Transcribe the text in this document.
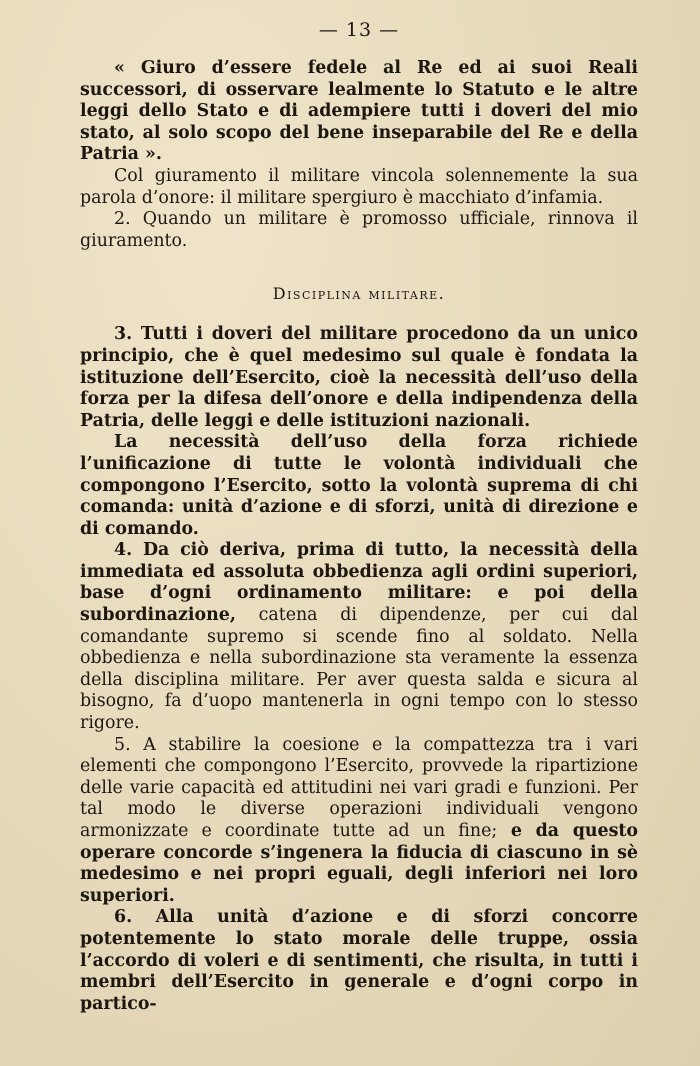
— 13 —

« Giuro d’essere fedele al Re ed ai suoi Reali successori, di osservare lealmente lo Statuto e le altre leggi dello Stato e di adempiere tutti i doveri del mio stato, al solo scopo del bene inseparabile del Re e della Patria ».

Col giuramento il militare vincola solennemente la sua parola d’onore: il militare spergiuro è macchiato d’infamia.

2. Quando un militare è promosso ufficiale, rinnova il giuramento.

Disciplina militare.

3. Tutti i doveri del militare procedono da un unico principio, che è quel medesimo sul quale è fondata la istituzione dell’Esercito, cioè la necessità dell’uso della forza per la difesa dell’onore e della indipendenza della Patria, delle leggi e delle istituzioni nazionali.

La necessità dell’uso della forza richiede l’unificazione di tutte le volontà individuali che compongono l’Esercito, sotto la volontà suprema di chi comanda: unità d’azione e di sforzi, unità di direzione e di comando.

4. Da ciò deriva, prima di tutto, la necessità della immediata ed assoluta obbedienza agli ordini superiori, base d’ogni ordinamento militare: e poi della subordinazione, catena di dipendenze, per cui dal comandante supremo si scende fino al soldato. Nella obbedienza e nella subordinazione sta veramente la essenza della disciplina militare. Per aver questa salda e sicura al bisogno, fa d’uopo mantenerla in ogni tempo con lo stesso rigore.

5. A stabilire la coesione e la compattezza tra i vari elementi che compongono l’Esercito, provvede la ripartizione delle varie capacità ed attitudini nei vari gradi e funzioni. Per tal modo le diverse operazioni individuali vengono armonizzate e coordinate tutte ad un fine; e da questo operare concorde s’ingenera la fiducia di ciascuno in sè medesimo e nei propri eguali, degli inferiori nei loro superiori.

6. Alla unità d’azione e di sforzi concorre potentemente lo stato morale delle truppe, ossia l’accordo di voleri e di sentimenti, che risulta, in tutti i membri dell’Esercito in generale e d’ogni corpo in partico-
